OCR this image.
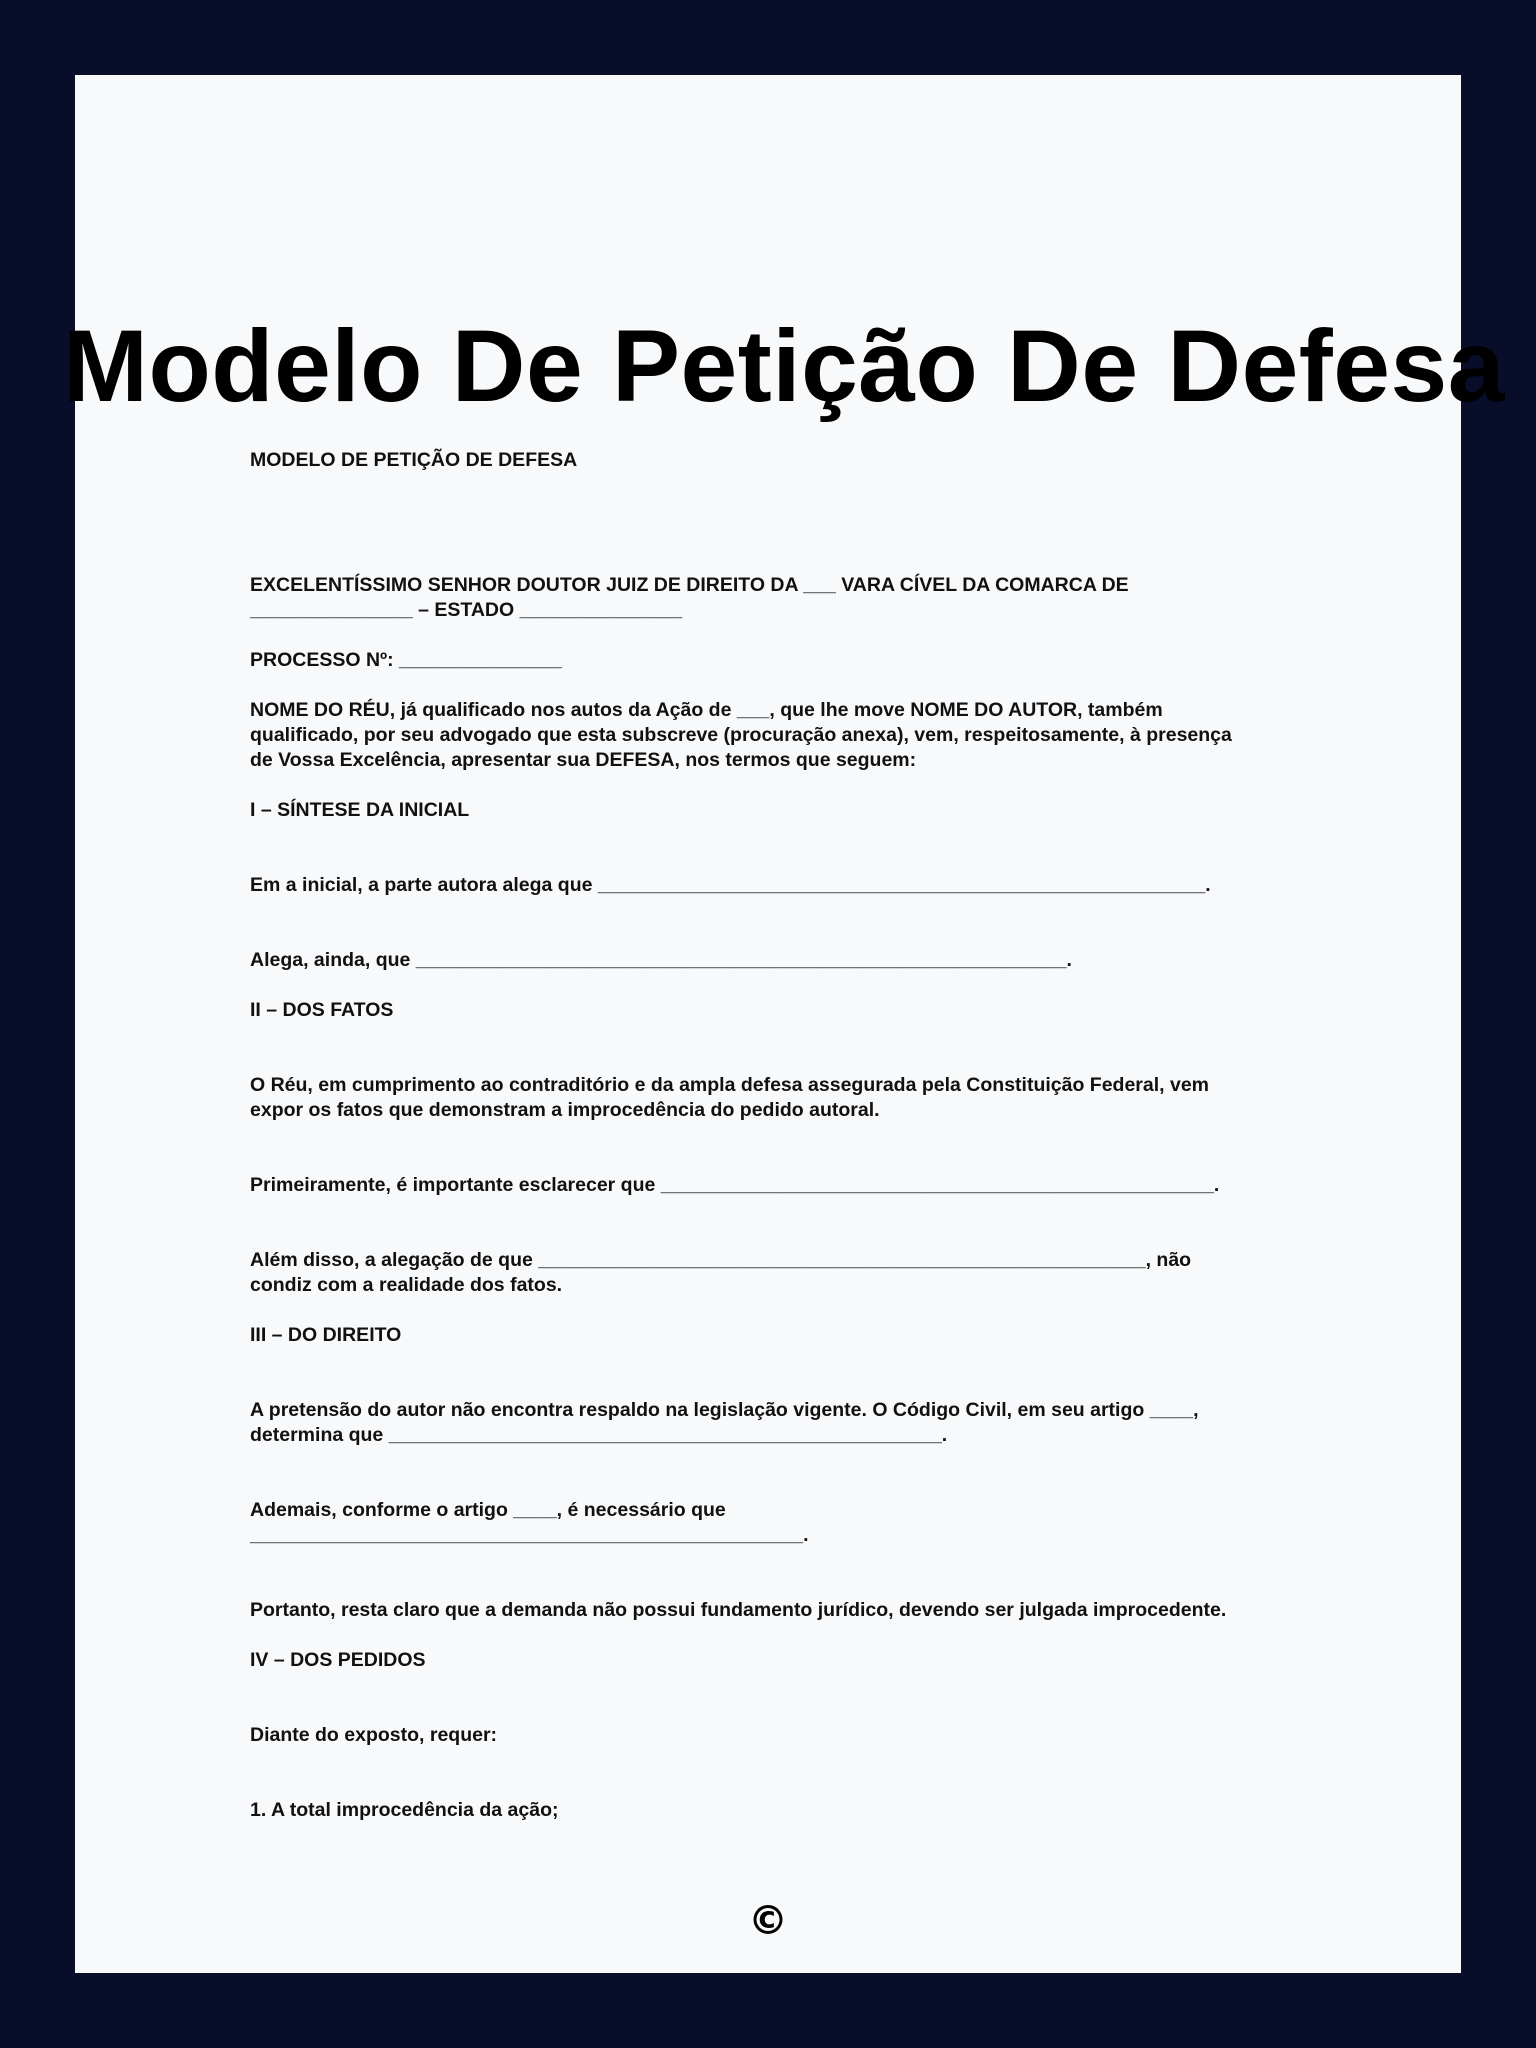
Modelo De Petição De Defesa

MODELO DE PETIÇÃO DE DEFESA

EXCELENTÍSSIMO SENHOR DOUTOR JUIZ DE DIREITO DA ___ VARA CÍVEL DA COMARCA DE

_______________ – ESTADO _______________

PROCESSO Nº: _______________

NOME DO RÉU, já qualificado nos autos da Ação de ___, que lhe move NOME DO AUTOR, também

qualificado, por seu advogado que esta subscreve (procuração anexa), vem, respeitosamente, à presença

de Vossa Excelência, apresentar sua DEFESA, nos termos que seguem:

I – SÍNTESE DA INICIAL

Em a inicial, a parte autora alega que ________________________________________________________.

Alega, ainda, que ____________________________________________________________.

II – DOS FATOS

O Réu, em cumprimento ao contraditório e da ampla defesa assegurada pela Constituição Federal, vem

expor os fatos que demonstram a improcedência do pedido autoral.

Primeiramente, é importante esclarecer que ___________________________________________________.

Além disso, a alegação de que ________________________________________________________, não

condiz com a realidade dos fatos.

III – DO DIREITO

A pretensão do autor não encontra respaldo na legislação vigente. O Código Civil, em seu artigo ____,

determina que ___________________________________________________.

Ademais, conforme o artigo ____, é necessário que

___________________________________________________.

Portanto, resta claro que a demanda não possui fundamento jurídico, devendo ser julgada improcedente.

IV – DOS PEDIDOS

Diante do exposto, requer:

1. A total improcedência da ação;

©
